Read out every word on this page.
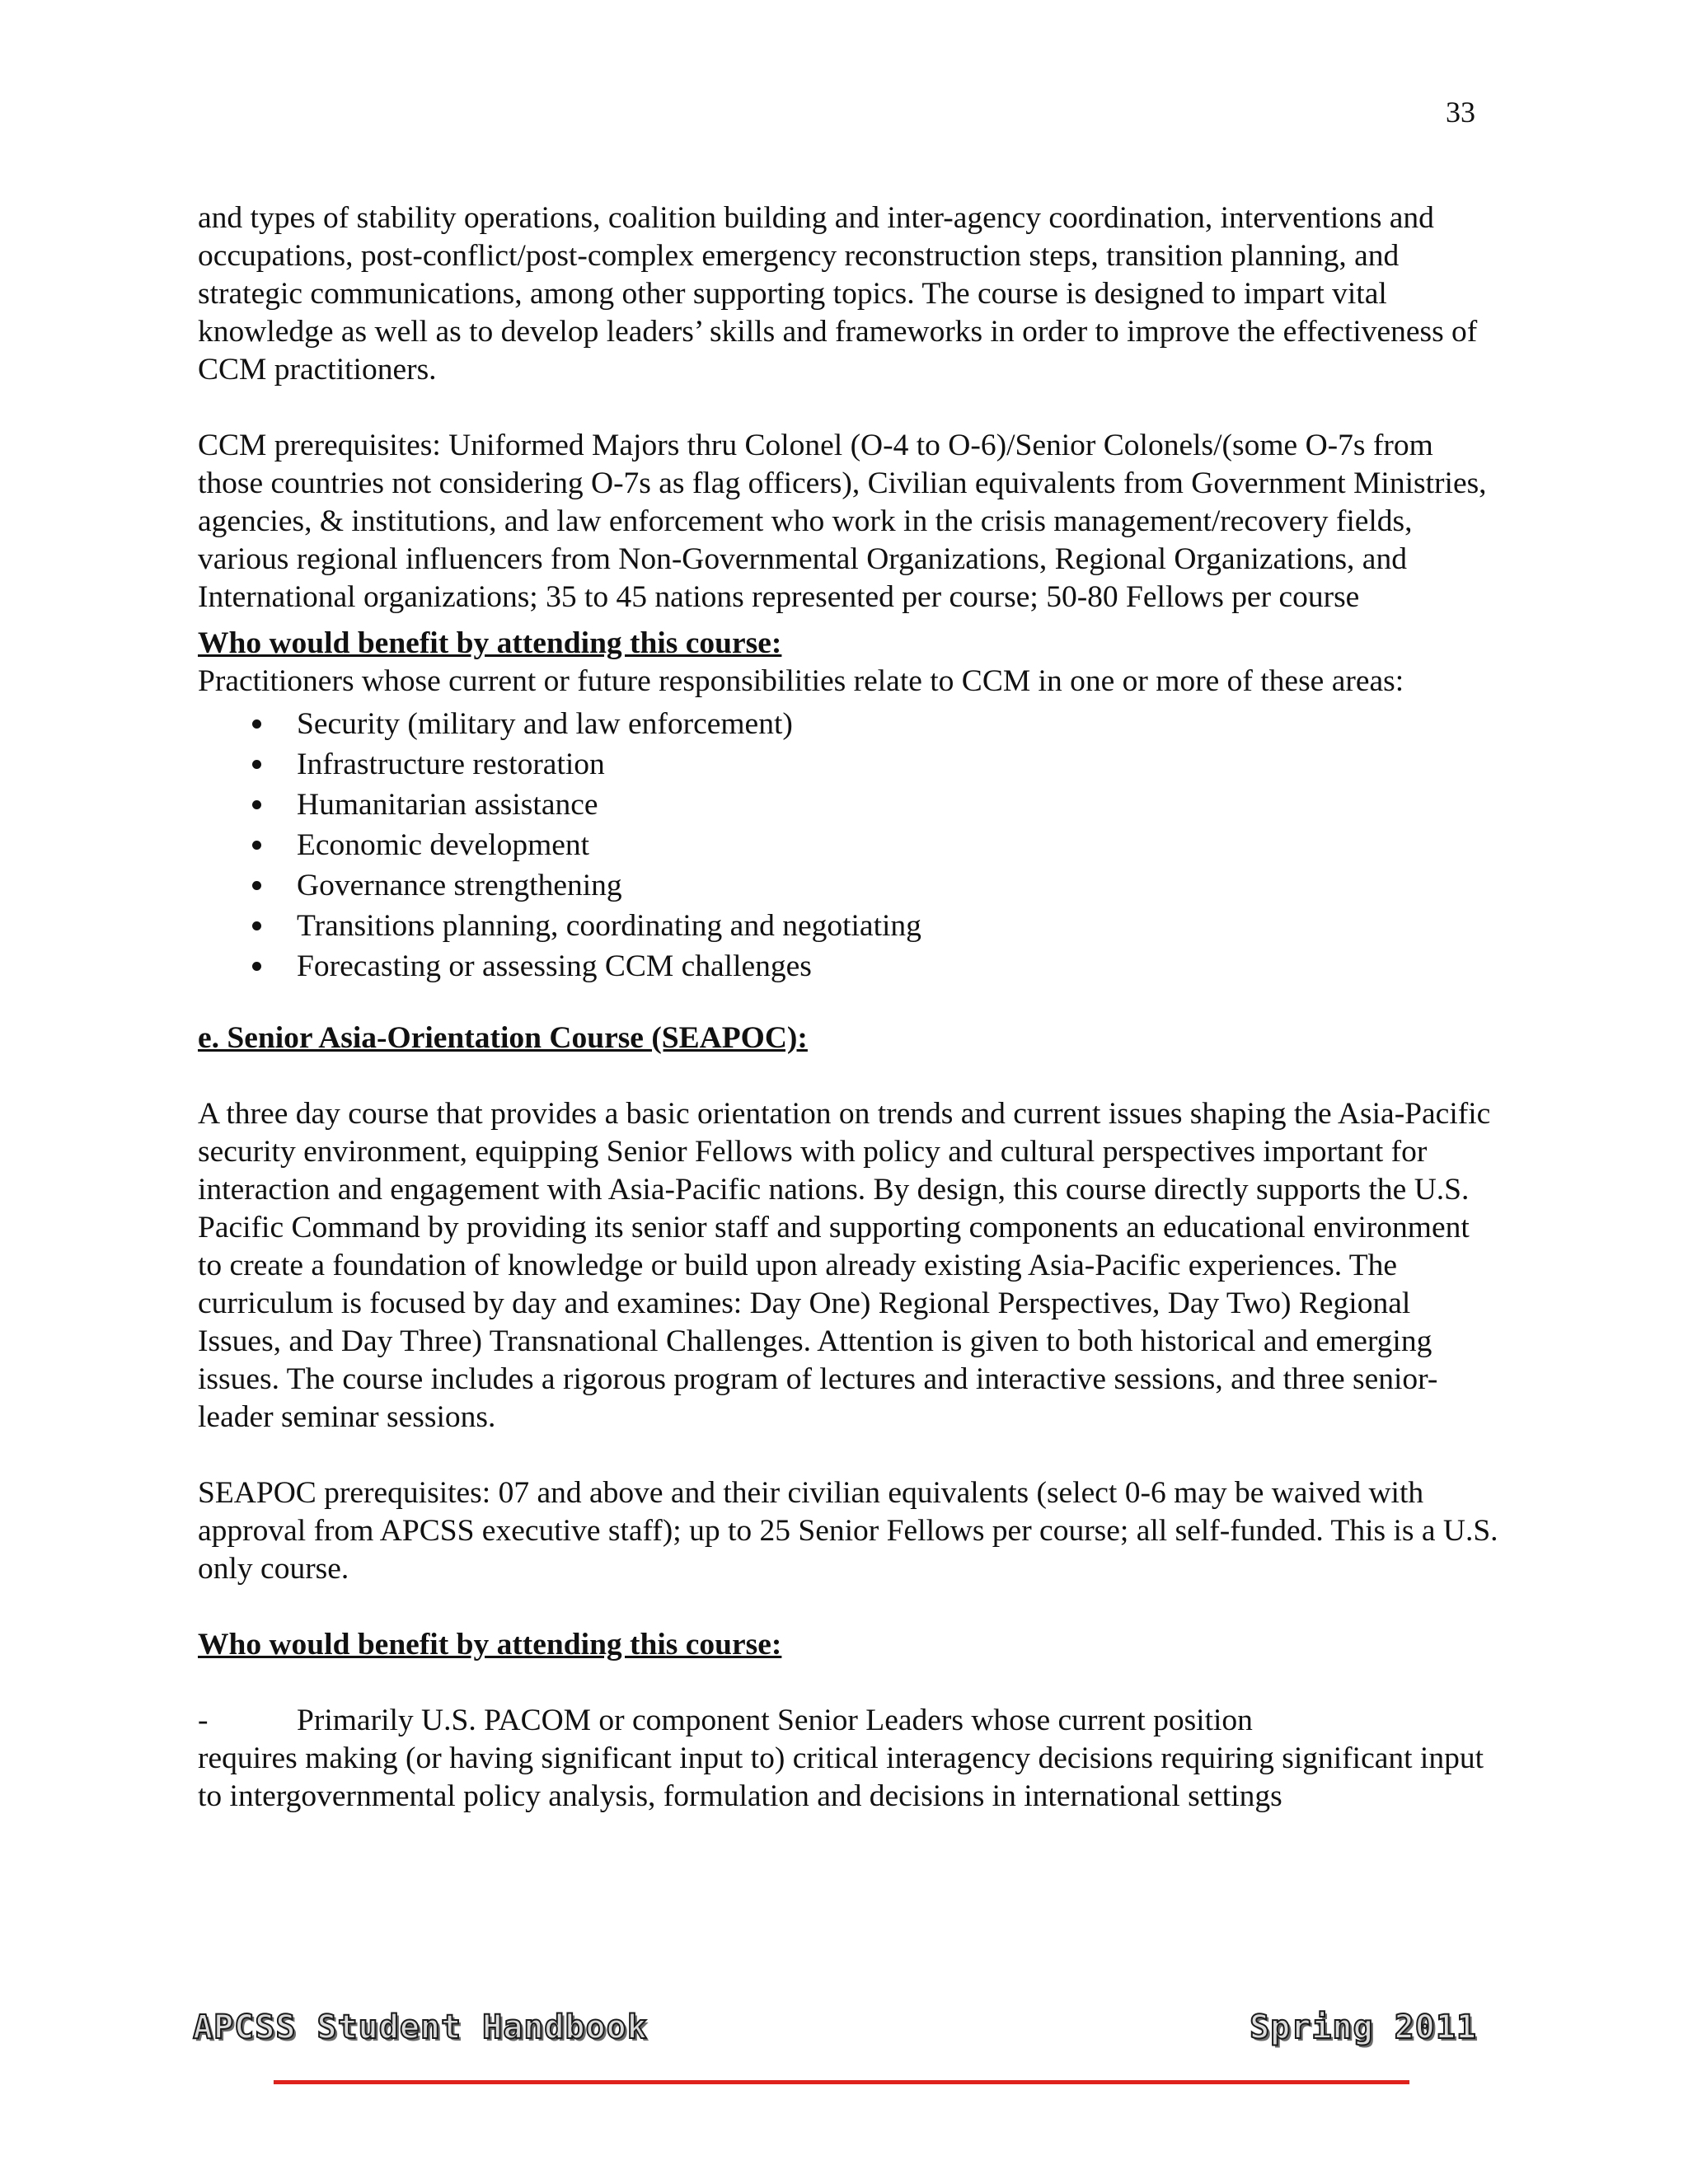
33

and types of stability operations, coalition building and inter-agency coordination, interventions and occupations, post-conflict/post-complex emergency reconstruction steps, transition planning, and strategic communications, among other supporting topics. The course is designed to impart vital knowledge as well as to develop leaders’ skills and frameworks in order to improve the effectiveness of CCM practitioners.

CCM prerequisites: Uniformed Majors thru Colonel (O-4 to O-6)/Senior Colonels/(some O-7s from those countries not considering O-7s as flag officers), Civilian equivalents from Government Ministries, agencies, & institutions, and law enforcement who work in the crisis management/recovery fields, various regional influencers from Non-Governmental Organizations, Regional Organizations, and International organizations; 35 to 45 nations represented per course; 50-80 Fellows per course

Who would benefit by attending this course:

Practitioners whose current or future responsibilities relate to CCM in one or more of these areas:

Security (military and law enforcement)
Infrastructure restoration
Humanitarian assistance
Economic development
Governance strengthening
Transitions planning, coordinating and negotiating
Forecasting or assessing CCM challenges

e. Senior Asia-Orientation Course (SEAPOC):

A three day course that provides a basic orientation on trends and current issues shaping the Asia-Pacific security environment, equipping Senior Fellows with policy and cultural perspectives important for interaction and engagement with Asia-Pacific nations. By design, this course directly supports the U.S. Pacific Command by providing its senior staff and supporting components an educational environment to create a foundation of knowledge or build upon already existing Asia-Pacific experiences. The curriculum is focused by day and examines: Day One) Regional Perspectives, Day Two) Regional Issues, and Day Three) Transnational Challenges. Attention is given to both historical and emerging issues. The course includes a rigorous program of lectures and interactive sessions, and three senior-leader seminar sessions.

SEAPOC prerequisites: 07 and above and their civilian equivalents (select 0-6 may be waived with approval from APCSS executive staff); up to 25 Senior Fellows per course; all self-funded. This is a U.S. only course.

Who would benefit by attending this course:

-	Primarily U.S. PACOM or component Senior Leaders whose current position

requires making (or having significant input to) critical interagency decisions requiring significant input to intergovernmental policy analysis, formulation and decisions in international settings

APCSS Student Handbook	Spring 2011
